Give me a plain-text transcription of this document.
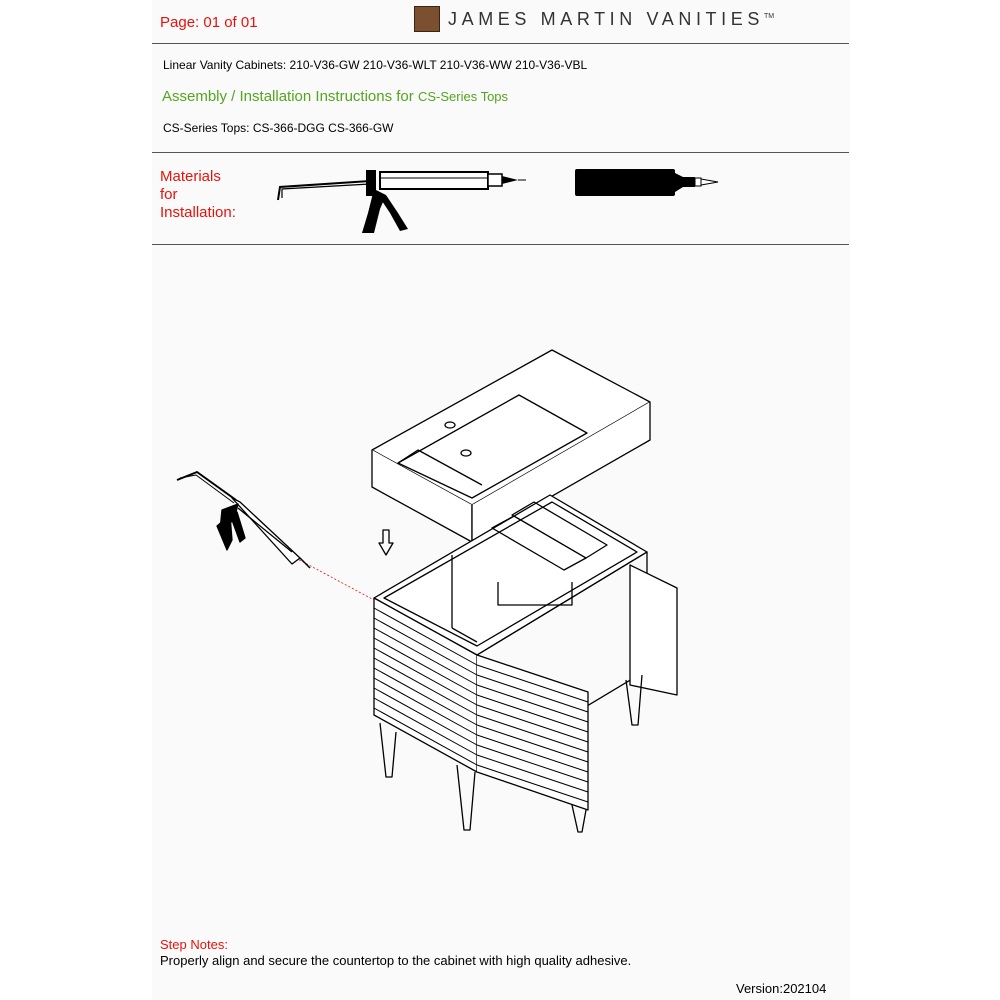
Page: 01 of 01	JAMES MARTIN VANITIES™
Linear Vanity Cabinets: 210-V36-GW 210-V36-WLT 210-V36-WW 210-V36-VBL
Assembly / Installation Instructions for CS-Series Tops
CS-Series Tops: CS-366-DGG CS-366-GW
Materials
for
Installation:
Step Notes:
Properly align and secure the countertop to the cabinet with high quality adhesive.
Version:202104
